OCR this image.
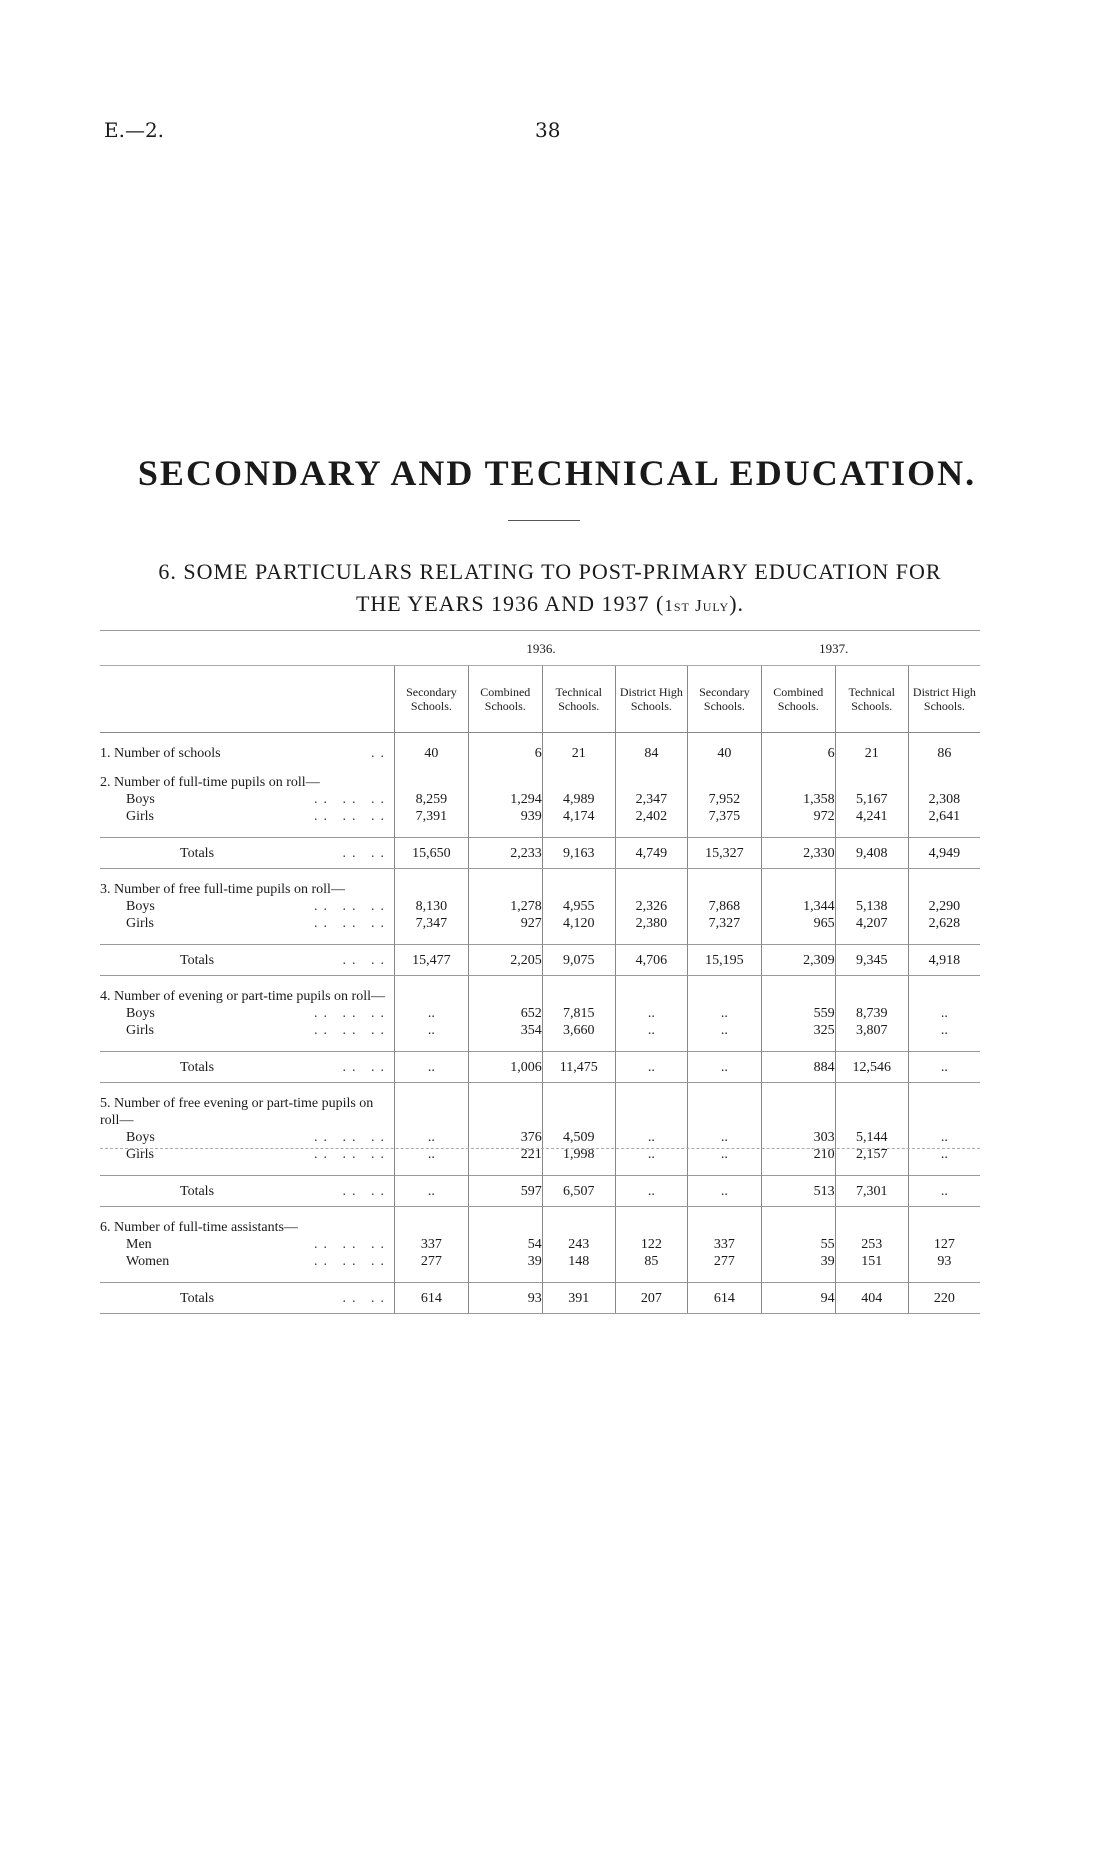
E.—2.	38
SECONDARY AND TECHNICAL EDUCATION.

6. SOME PARTICULARS RELATING TO POST-PRIMARY EDUCATION FOR
THE YEARS 1936 AND 1937 (1st July).

	1936.				1937.			
	Secondary Schools.	Combined Schools.	Technical Schools.	District High Schools.	Secondary Schools.	Combined Schools.	Technical Schools.	District High Schools.

1. Number of schools ..	40	6	21	84	40	6	21	86

2. Number of full-time pupils on roll—								

Boys .. .. ..	8,259	1,294	4,989	2,347	7,952	1,358	5,167	2,308

Girls .. .. ..	7,391	939	4,174	2,402	7,375	972	4,241	2,641

Totals .. ..	15,650	2,233	9,163	4,749	15,327	2,330	9,408	4,949

3. Number of free full-time pupils on roll—								

Boys .. .. ..	8,130	1,278	4,955	2,326	7,868	1,344	5,138	2,290

Girls .. .. ..	7,347	927	4,120	2,380	7,327	965	4,207	2,628

Totals .. ..	15,477	2,205	9,075	4,706	15,195	2,309	9,345	4,918

4. Number of evening or part-time pupils on roll—								

Boys .. .. ..	..	652	7,815	..	..	559	8,739	..

Girls .. .. ..	..	354	3,660	..	..	325	3,807	..

Totals .. ..	..	1,006	11,475	..	..	884	12,546	..

5. Number of free evening or part-time pupils on roll—								

Boys .. .. ..	..	376	4,509	..	..	303	5,144	..

Girls .. .. ..	..	221	1,998	..	..	210	2,157	..

Totals .. ..	..	597	6,507	..	..	513	7,301	..

6. Number of full-time assistants—								

Men .. .. ..	337	54	243	122	337	55	253	127

Women .. .. ..	277	39	148	85	277	39	151	93

Totals .. ..	614	93	391	207	614	94	404	220
